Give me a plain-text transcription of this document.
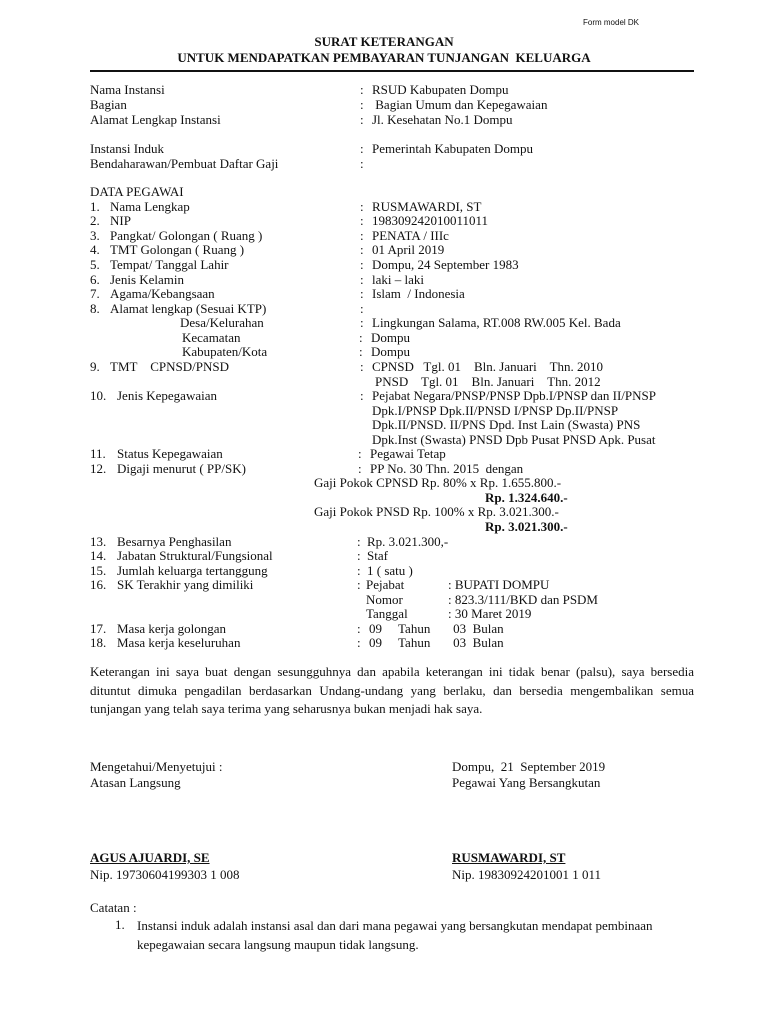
Form model DK
SURAT KETERANGAN
UNTUK MENDAPATKAN PEMBAYARAN TUNJANGAN  KELUARGA
Nama Instansi	: RSUD Kabupaten Dompu
Bagian	: Bagian Umum dan Kepegawaian
Alamat Lengkap Instansi	: Jl. Kesehatan No.1 Dompu
Instansi Induk	: Pemerintah Kabupaten Dompu
Bendaharawan/Pembuat Daftar Gaji	:
DATA PEGAWAI
1. Nama Lengkap	: RUSMAWARDI, ST
2. NIP	: 198309242010011011
3. Pangkat/ Golongan ( Ruang )	: PENATA / IIIc
4. TMT Golongan ( Ruang )	: 01 April 2019
5. Tempat/ Tanggal Lahir	: Dompu, 24 September 1983
6. Jenis Kelamin	: laki – laki
7. Agama/Kebangsaan	: Islam  / Indonesia
8. Alamat lengkap (Sesuai KTP)	:
Desa/Kelurahan	: Lingkungan Salama, RT.008 RW.005 Kel. Bada
Kecamatan	: Dompu
Kabupaten/Kota	: Dompu
9. TMT    CPNSD/PNSD	: CPNSD   Tgl. 01    Bln. Januari    Thn. 2010
PNSD    Tgl. 01    Bln. Januari    Thn. 2012
10. Jenis Kepegawaian	: Pejabat Negara/PNSP/PNSP Dpb.I/PNSP dan II/PNSP
Dpk.I/PNSP Dpk.II/PNSD I/PNSP Dp.II/PNSP
Dpk.II/PNSD. II/PNS Dpd. Inst Lain (Swasta) PNS
Dpk.Inst (Swasta) PNSD Dpb Pusat PNSD Apk. Pusat
11. Status Kepegawaian	: Pegawai Tetap
12. Digaji menurut ( PP/SK)	: PP No. 30 Thn. 2015  dengan
Gaji Pokok CPNSD Rp. 80% x Rp. 1.655.800.-
Rp. 1.324.640.-
Gaji Pokok PNSD Rp. 100% x Rp. 3.021.300.-
Rp. 3.021.300.-
13. Besarnya Penghasilan	: Rp. 3.021.300,-
14. Jabatan Struktural/Fungsional	: Staf
15. Jumlah keluarga tertanggung	: 1 ( satu )
16. SK Terakhir yang dimiliki	: Pejabat	: BUPATI DOMPU
Nomor	: 823.3/111/BKD dan PSDM
Tanggal	: 30 Maret 2019
17. Masa kerja golongan	: 09     Tahun       03  Bulan
18. Masa kerja keseluruhan	: 09     Tahun       03  Bulan
Keterangan ini saya buat dengan sesungguhnya dan apabila keterangan ini tidak benar (palsu), saya bersedia dituntut dimuka pengadilan berdasarkan Undang-undang yang berlaku, dan bersedia mengembalikan semua tunjangan yang telah saya terima yang seharusnya bukan menjadi hak saya.
Mengetahui/Menyetujui :
Atasan Langsung
Dompu,  21  September 2019
Pegawai Yang Bersangkutan
AGUS AJUARDI, SE
Nip. 19730604199303 1 008
RUSMAWARDI, ST
Nip. 19830924201001 1 011
Catatan :
1. Instansi induk adalah instansi asal dan dari mana pegawai yang bersangkutan mendapat pembinaan kepegawaian secara langsung maupun tidak langsung.
